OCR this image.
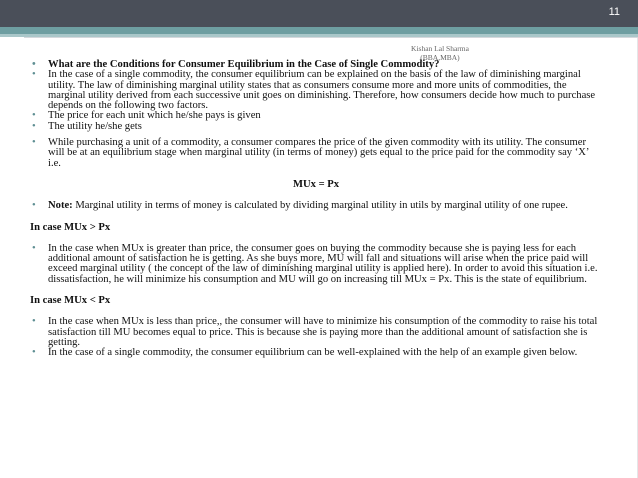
11
Kishan Lal Sharma
(BBA,MBA)

• What are the Conditions for Consumer Equilibrium in the Case of Single Commodity?

• In the case of a single commodity, the consumer equilibrium can be explained on the basis of the law of diminishing marginal utility. The law of diminishing marginal utility states that as consumers consume more and more units of commodities, the marginal utility derived from each successive unit goes on diminishing. Therefore, how consumers decide how much to purchase depends on the following two factors.

• The price for each unit which he/she pays is given

• The utility he/she gets

• While purchasing a unit of a commodity, a consumer compares the price of the given commodity with its utility. The consumer will be at an equilibrium stage when marginal utility (in terms of money) gets equal to the price paid for the commodity say ‘X’ i.e.

MUx = Px

• Note: Marginal utility in terms of money is calculated by dividing marginal utility in utils by marginal utility of one rupee.

In case MUx > Px

• In the case when MUx is greater than price, the consumer goes on buying the commodity because she is paying less for each additional amount of satisfaction he is getting. As she buys more, MU will fall and situations will arise when the price paid will exceed marginal utility ( the concept of the law of diminishing marginal utility is applied here). In order to avoid this situation i.e. dissatisfaction, he will minimize his consumption and MU will go on increasing till MUx = Px. This is the state of equilibrium.

In case MUx < Px

• In the case when MUx is less than price,, the consumer will have to minimize his consumption of the commodity to raise his total satisfaction till MU becomes equal to price. This is because she is paying more than the additional amount of satisfaction she is getting.

• In the case of a single commodity, the consumer equilibrium can be well-explained with the help of an example given below.
